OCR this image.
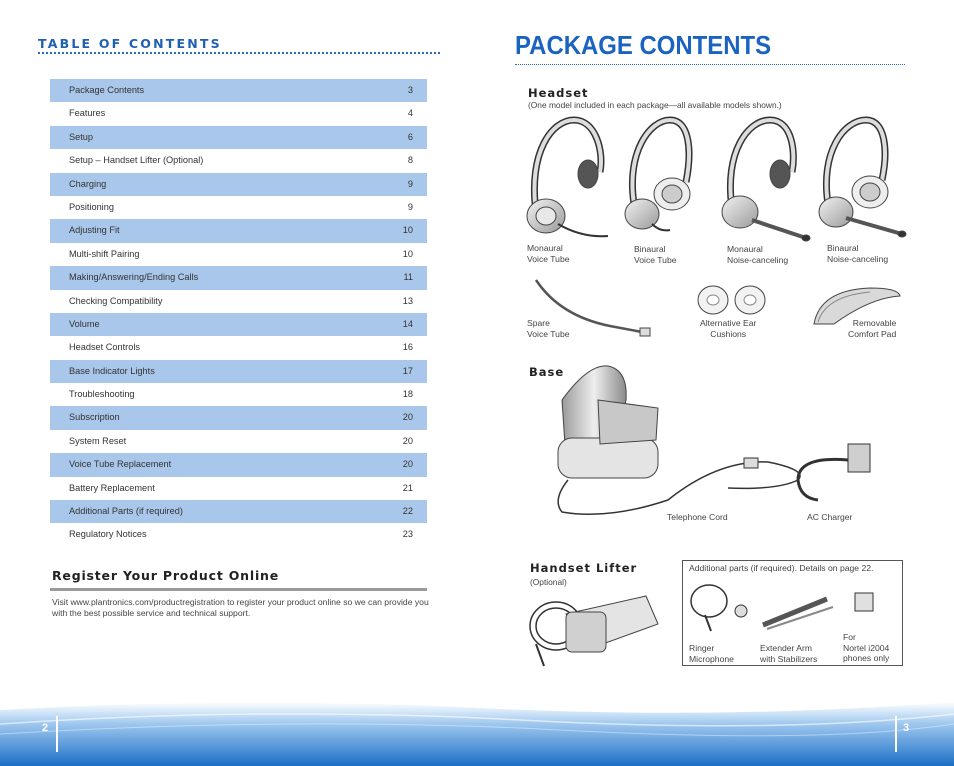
TABLE OF CONTENTS
Package Contents	3
Features	4
Setup	6
Setup – Handset Lifter (Optional)	8
Charging	9
Positioning	9
Adjusting Fit	10
Multi-shift Pairing	10
Making/Answering/Ending Calls	11
Checking Compatibility	13
Volume	14
Headset Controls	16
Base Indicator Lights	17
Troubleshooting	18
Subscription	20
System Reset	20
Voice Tube Replacement	20
Battery Replacement	21
Additional Parts (if required)	22
Regulatory Notices	23
Register Your Product Online
Visit www.plantronics.com/productregistration to register your product online so we can provide you with the best possible service and technical support.
PACKAGE CONTENTS
Headset
(One model included in each package—all available models shown.)
Monaural
Voice Tube
Binaural
Voice Tube
Monaural
Noise-canceling
Binaural
Noise-canceling
Spare
Voice Tube
Alternative Ear
Cushions
Removable
Comfort Pad
Base
Telephone Cord	AC Charger
Handset Lifter
(Optional)
Additional parts (if required). Details on page 22.
Ringer
Microphone
Extender Arm
with Stabilizers
For
Nortel i2004
phones only
2	3
